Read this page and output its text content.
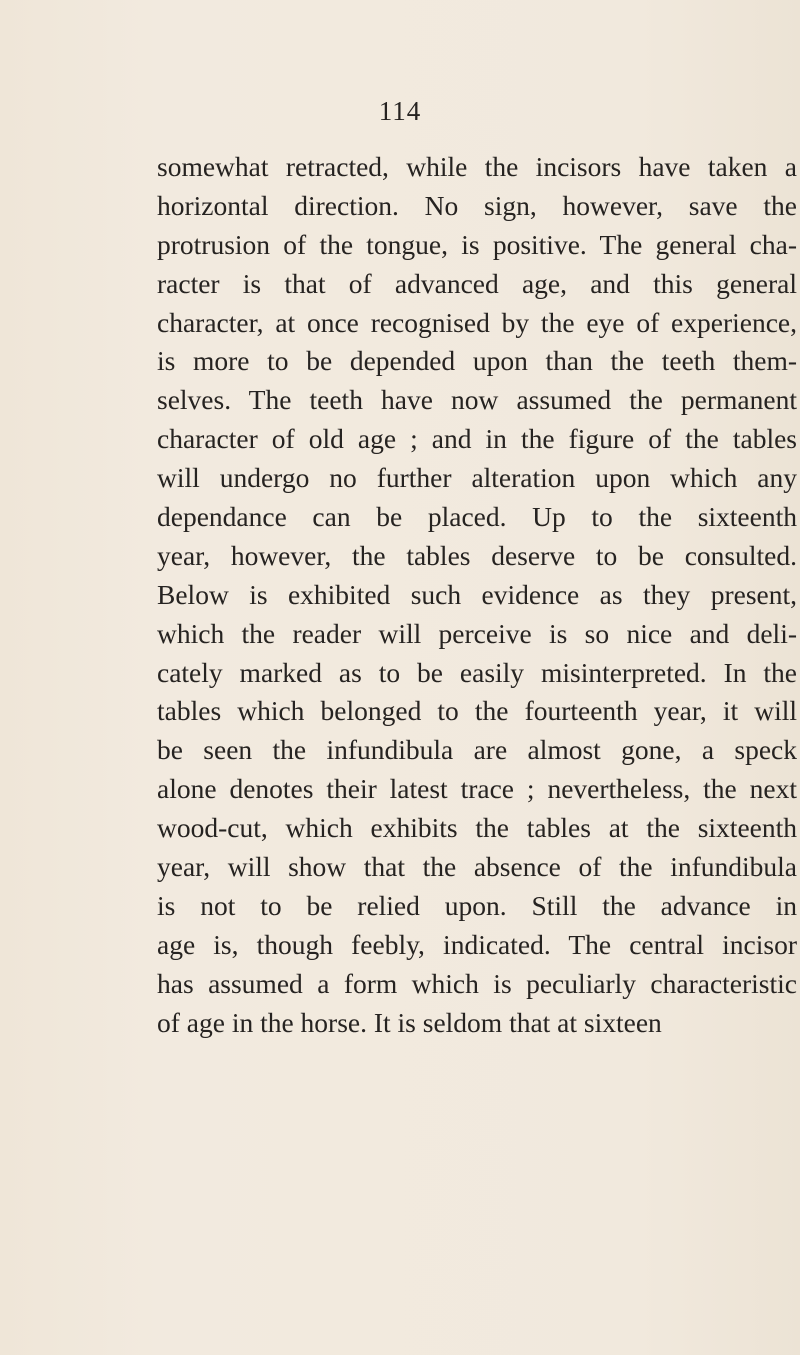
114
somewhat retracted, while the incisors have taken a
horizontal direction. No sign, however, save the
protrusion of the tongue, is positive. The general cha-
racter is that of advanced age, and this general
character, at once recognised by the eye of experience,
is more to be depended upon than the teeth them-
selves. The teeth have now assumed the permanent
character of old age ; and in the figure of the tables
will undergo no further alteration upon which any
dependance can be placed. Up to the sixteenth
year, however, the tables deserve to be consulted.
Below is exhibited such evidence as they present,
which the reader will perceive is so nice and deli-
cately marked as to be easily misinterpreted. In the
tables which belonged to the fourteenth year, it will
be seen the infundibula are almost gone, a speck
alone denotes their latest trace ; nevertheless, the next
wood-cut, which exhibits the tables at the sixteenth
year, will show that the absence of the infundibula
is not to be relied upon. Still the advance in
age is, though feebly, indicated. The central incisor
has assumed a form which is peculiarly characteristic
of age in the horse. It is seldom that at sixteen
